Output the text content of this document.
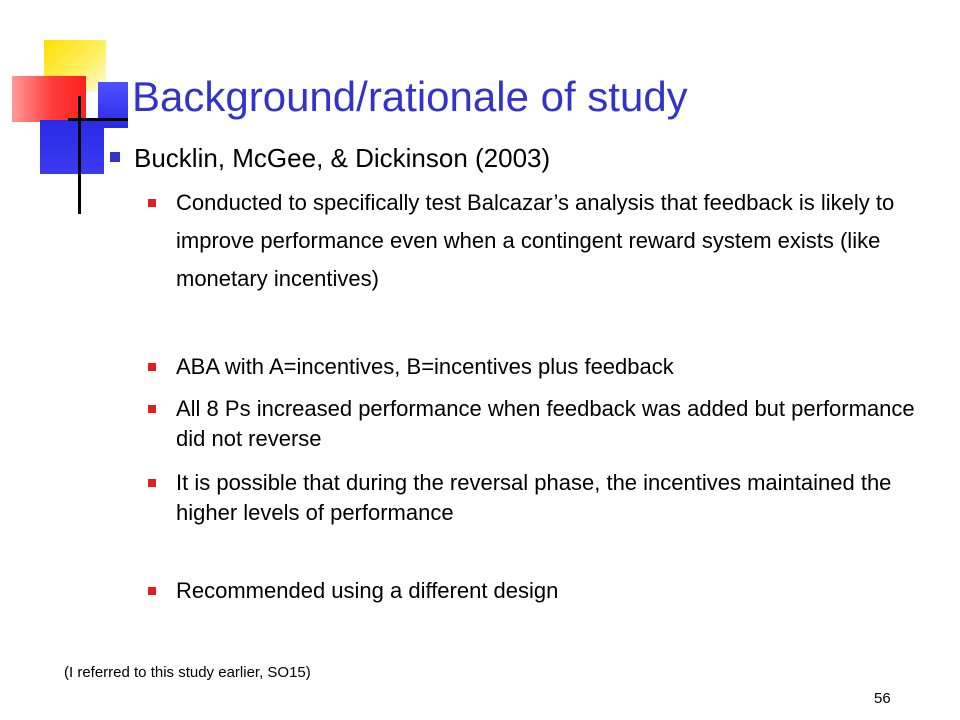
Background/rationale of study
Bucklin, McGee, & Dickinson (2003)
Conducted to specifically test Balcazar’s analysis that feedback is likely to improve performance even when a contingent reward system exists (like monetary incentives)
ABA with A=incentives, B=incentives plus feedback
All 8 Ps increased performance when feedback was added but performance did not reverse
It is possible that during the reversal phase, the incentives maintained the higher levels of performance
Recommended using a different design
(I referred to this study earlier, SO15)
56
